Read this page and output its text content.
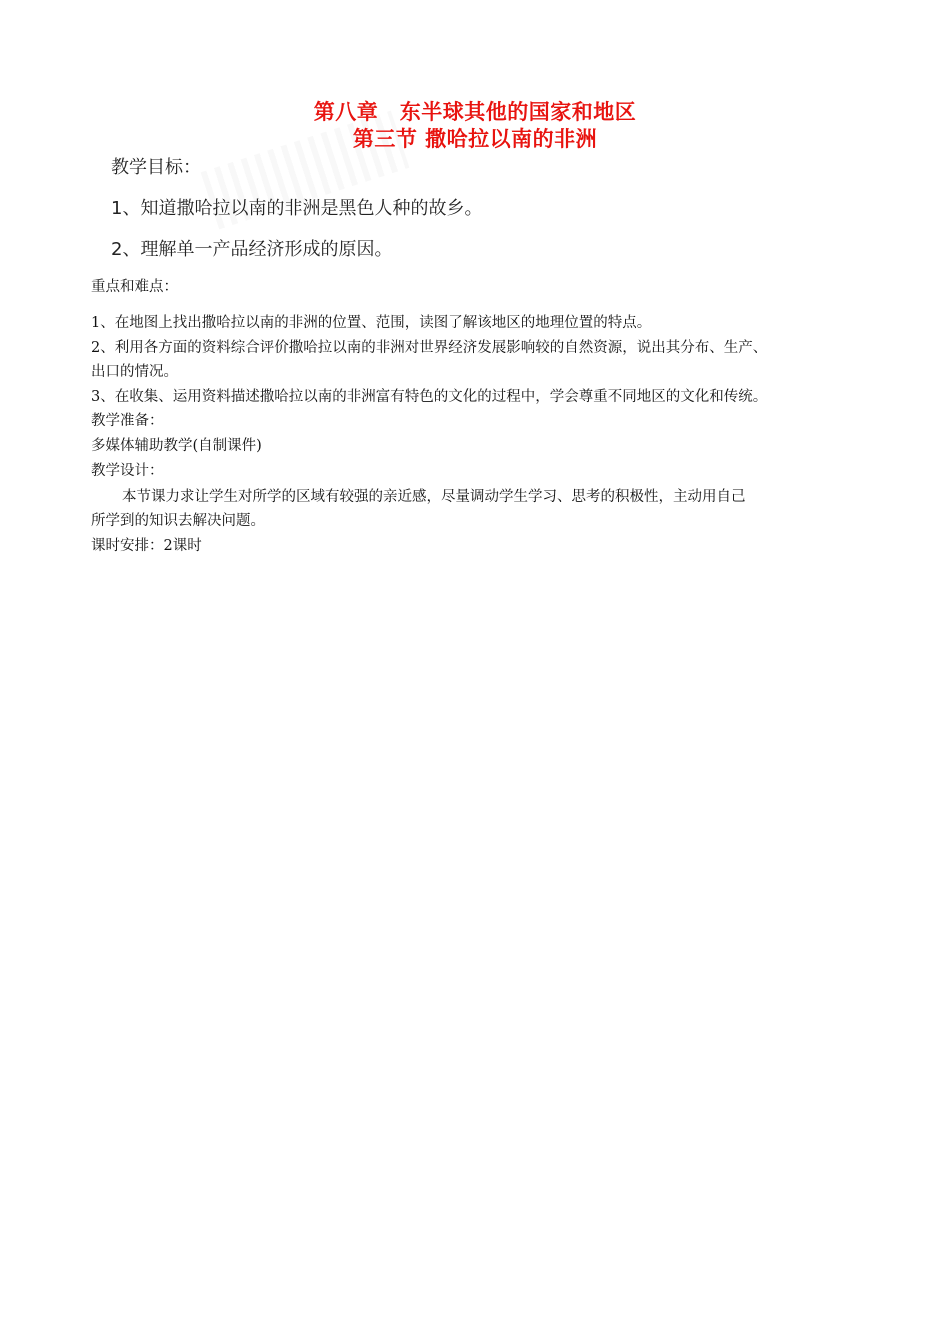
第八章　东半球其他的国家和地区
第三节 撒哈拉以南的非洲
教学目标：
1、知道撒哈拉以南的非洲是黑色人种的故乡。
2、理解单一产品经济形成的原因。
重点和难点：
1、在地图上找出撒哈拉以南的非洲的位置、范围，读图了解该地区的地理位置的特点。
2、利用各方面的资料综合评价撒哈拉以南的非洲对世界经济发展影响较的自然资源，说出其分布、生产、
出口的情况。
3、在收集、运用资料描述撒哈拉以南的非洲富有特色的文化的过程中，学会尊重不同地区的文化和传统。
教学准备：
多媒体辅助教学(自制课件)
教学设计：
本节课力求让学生对所学的区域有较强的亲近感，尽量调动学生学习、思考的积极性，主动用自己
所学到的知识去解决问题。
课时安排：2课时
